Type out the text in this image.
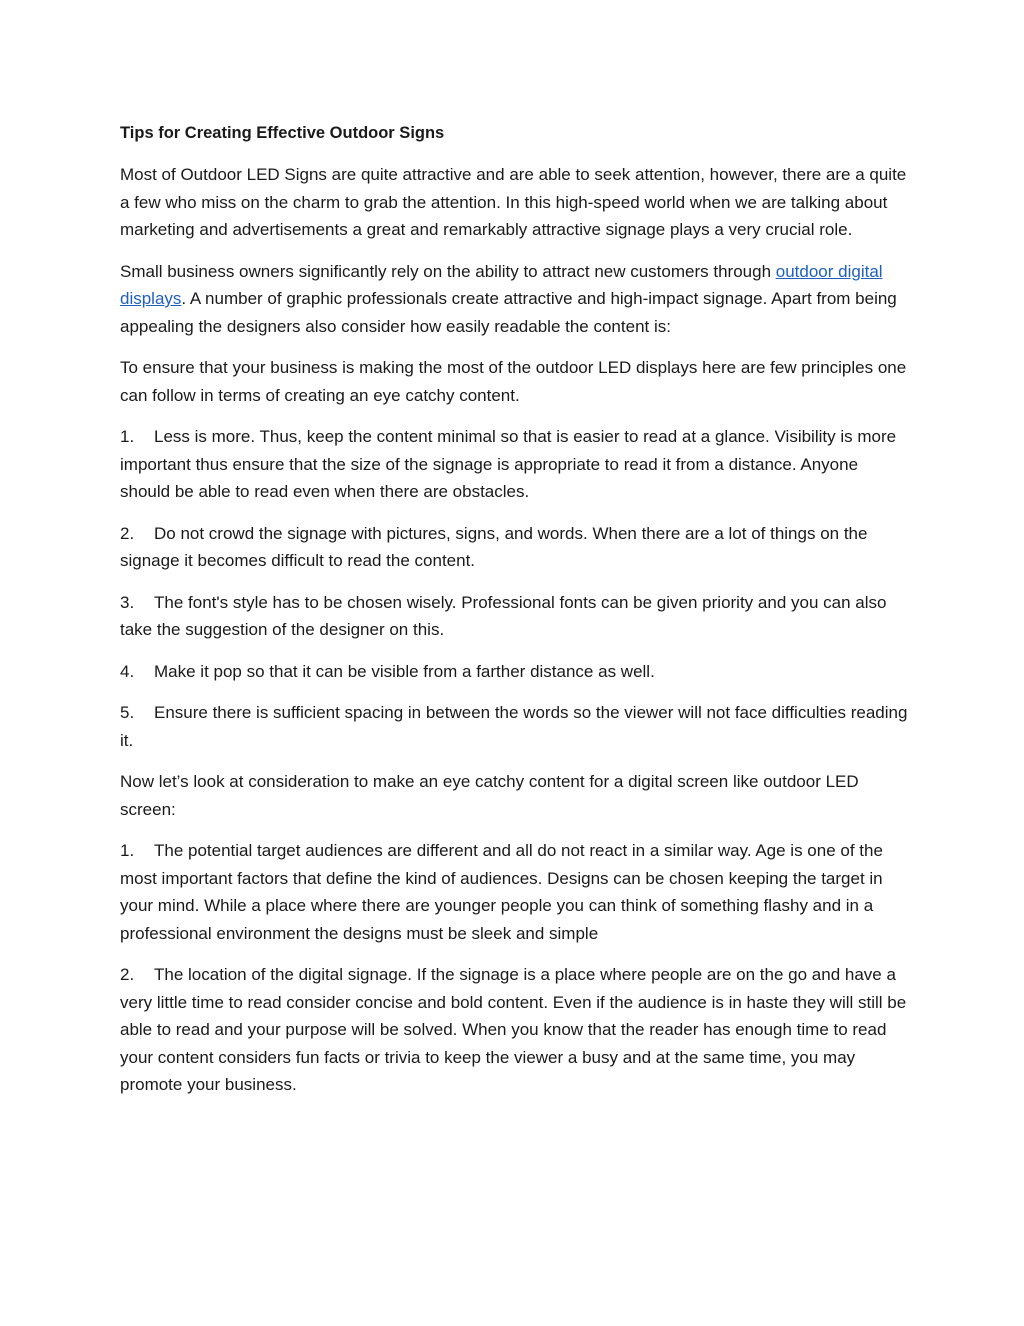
Tips for Creating Effective Outdoor Signs

Most of Outdoor LED Signs are quite attractive and are able to seek attention, however, there are a quite a few who miss on the charm to grab the attention. In this high-speed world when we are talking about marketing and advertisements a great and remarkably attractive signage plays a very crucial role.

Small business owners significantly rely on the ability to attract new customers through outdoor digital displays. A number of graphic professionals create attractive and high-impact signage. Apart from being appealing the designers also consider how easily readable the content is:

To ensure that your business is making the most of the outdoor LED displays here are few principles one can follow in terms of creating an eye catchy content.

1. Less is more. Thus, keep the content minimal so that is easier to read at a glance. Visibility is more important thus ensure that the size of the signage is appropriate to read it from a distance. Anyone should be able to read even when there are obstacles.

2. Do not crowd the signage with pictures, signs, and words. When there are a lot of things on the signage it becomes difficult to read the content.

3. The font's style has to be chosen wisely. Professional fonts can be given priority and you can also take the suggestion of the designer on this.

4. Make it pop so that it can be visible from a farther distance as well.

5. Ensure there is sufficient spacing in between the words so the viewer will not face difficulties reading it.

Now let’s look at consideration to make an eye catchy content for a digital screen like outdoor LED screen:

1. The potential target audiences are different and all do not react in a similar way. Age is one of the most important factors that define the kind of audiences. Designs can be chosen keeping the target in your mind. While a place where there are younger people you can think of something flashy and in a professional environment the designs must be sleek and simple

2. The location of the digital signage. If the signage is a place where people are on the go and have a very little time to read consider concise and bold content. Even if the audience is in haste they will still be able to read and your purpose will be solved. When you know that the reader has enough time to read your content considers fun facts or trivia to keep the viewer a busy and at the same time, you may promote your business.
